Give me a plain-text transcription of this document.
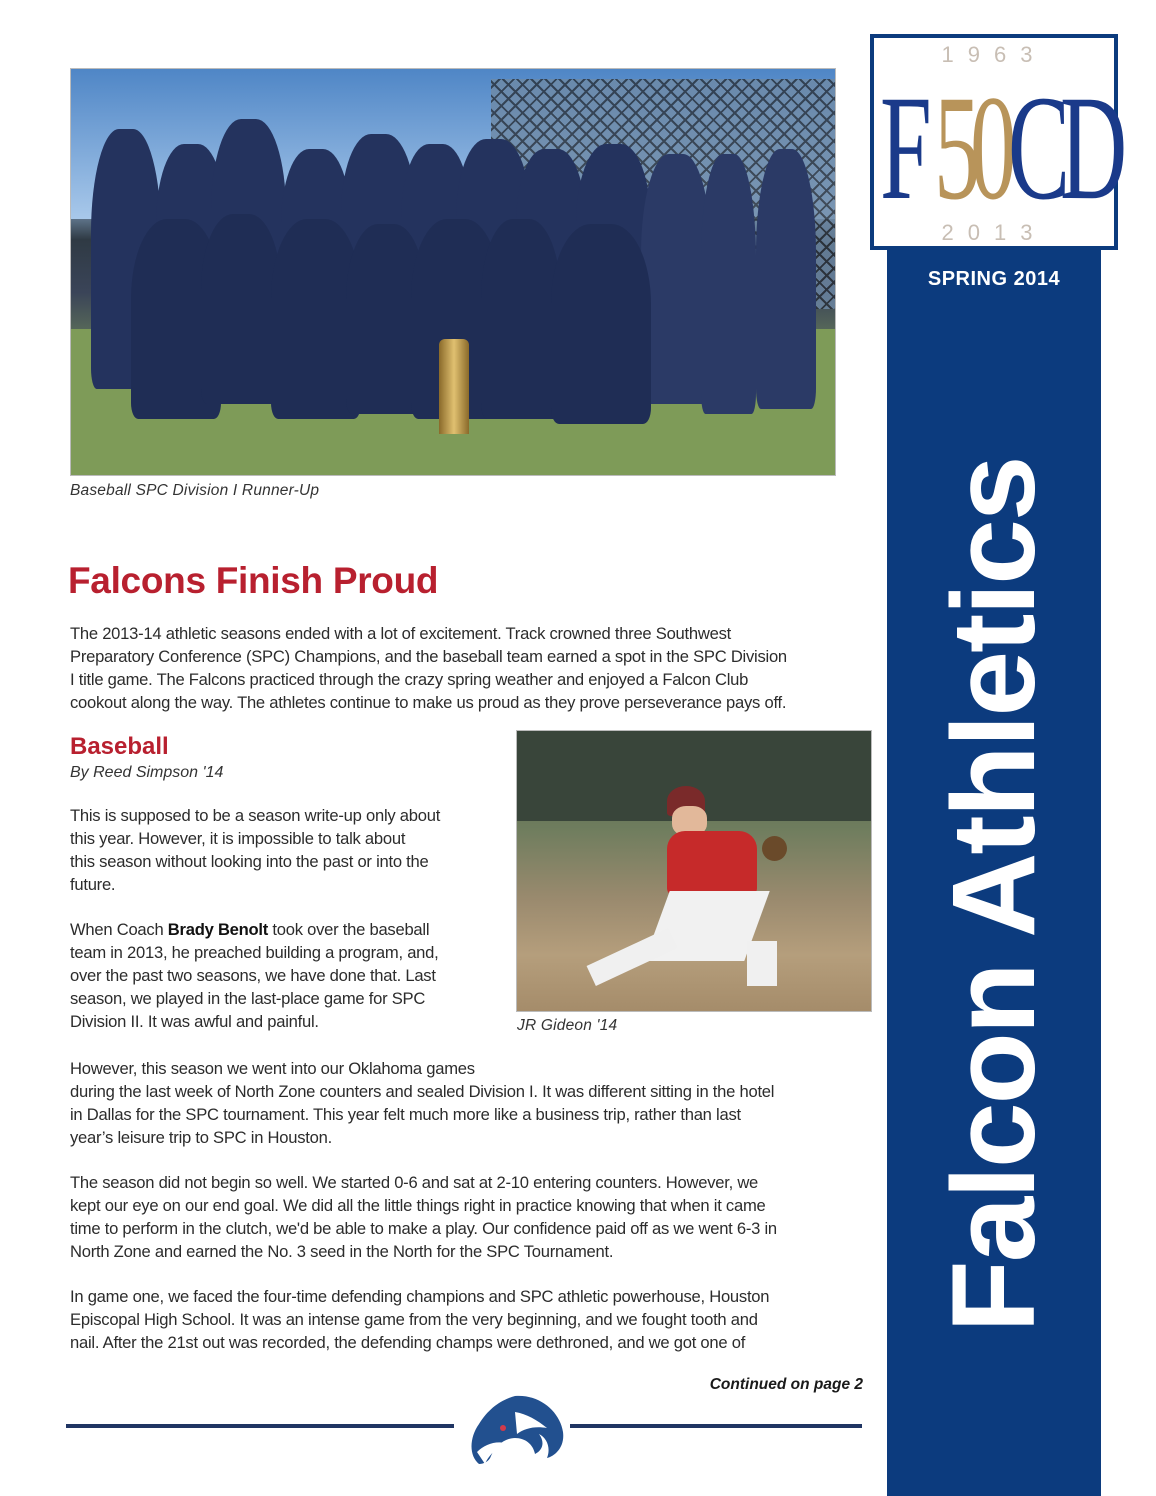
Baseball SPC Division I Runner-Up
Falcons Finish Proud
The 2013-14 athletic seasons ended with a lot of excitement. Track crowned three Southwest
Preparatory Conference (SPC) Champions, and the baseball team earned a spot in the SPC Division
I title game. The Falcons practiced through the crazy spring weather and enjoyed a Falcon Club
cookout along the way. The athletes continue to make us proud as they prove perseverance pays off.
Baseball
By Reed Simpson '14
This is supposed to be a season write-up only about
this year. However, it is impossible to talk about
this season without looking into the past or into the
future.
When Coach Brady Benolt took over the baseball
team in 2013, he preached building a program, and,
over the past two seasons, we have done that. Last
season, we played in the last-place game for SPC
Division II. It was awful and painful.	JR Gideon '14
However, this season we went into our Oklahoma games
during the last week of North Zone counters and sealed Division I. It was different sitting in the hotel
in Dallas for the SPC tournament. This year felt much more like a business trip, rather than last
year’s leisure trip to SPC in Houston.
The season did not begin so well. We started 0-6 and sat at 2-10 entering counters. However, we
kept our eye on our end goal. We did all the little things right in practice knowing that when it came
time to perform in the clutch, we'd be able to make a play. Our confidence paid off as we went 6-3 in
North Zone and earned the No. 3 seed in the North for the SPC Tournament.
In game one, we faced the four-time defending champions and SPC athletic powerhouse, Houston
Episcopal High School. It was an intense game from the very beginning, and we fought tooth and
nail. After the 21st out was recorded, the defending champs were dethroned, and we got one of
Continued on page 2
1963
F 5
0
C
D
2013
SPRING 2014
Falcon Athletics
